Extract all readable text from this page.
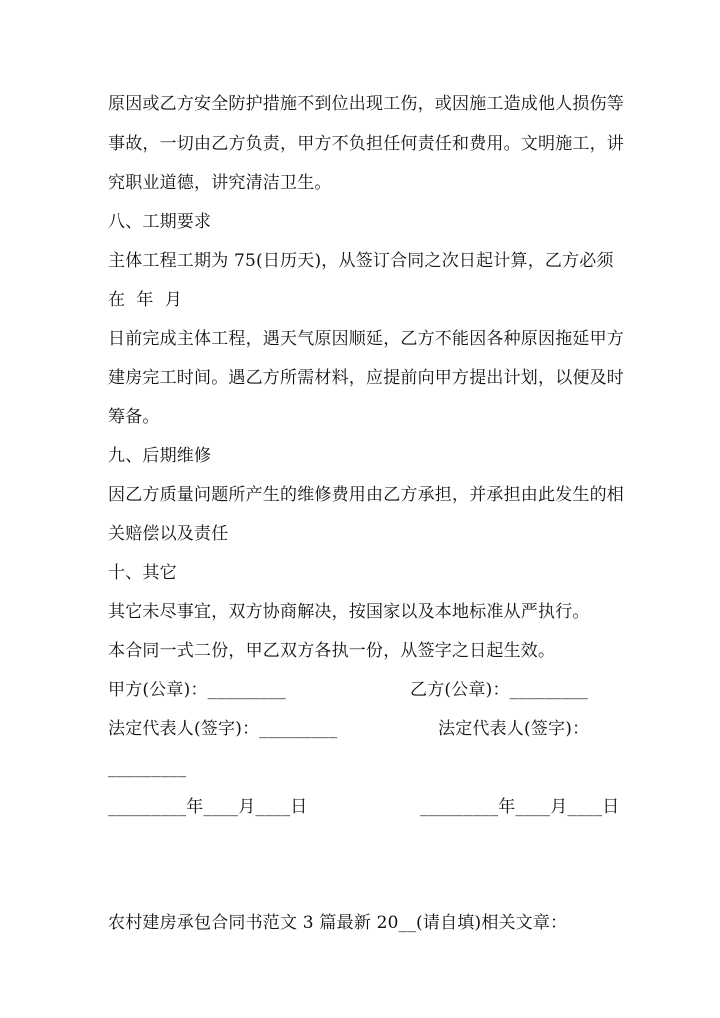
原因或乙方安全防护措施不到位出现工伤，或因施工造成他人损伤等
事故，一切由乙方负责，甲方不负担任何责任和费用。文明施工，讲
究职业道德，讲究清洁卫生。
八、工期要求
主体工程工期为 75(日历天)，从签订合同之次日起计算，乙方必须
在  年  月
日前完成主体工程，遇天气原因顺延，乙方不能因各种原因拖延甲方
建房完工时间。遇乙方所需材料，应提前向甲方提出计划，以便及时
筹备。
九、后期维修
因乙方质量问题所产生的维修费用由乙方承担，并承担由此发生的相
关赔偿以及责任
十、其它
其它未尽事宜，双方协商解决，按国家以及本地标准从严执行。
本合同一式二份，甲乙双方各执一份，从签字之日起生效。
甲方(公章)：_________	乙方(公章)：_________
法定代表人(签字)：_________	法定代表人(签字)：
_________
_________年____月____日	_________年____月____日
农村建房承包合同书范文 3 篇最新 20__(请自填)相关文章：
